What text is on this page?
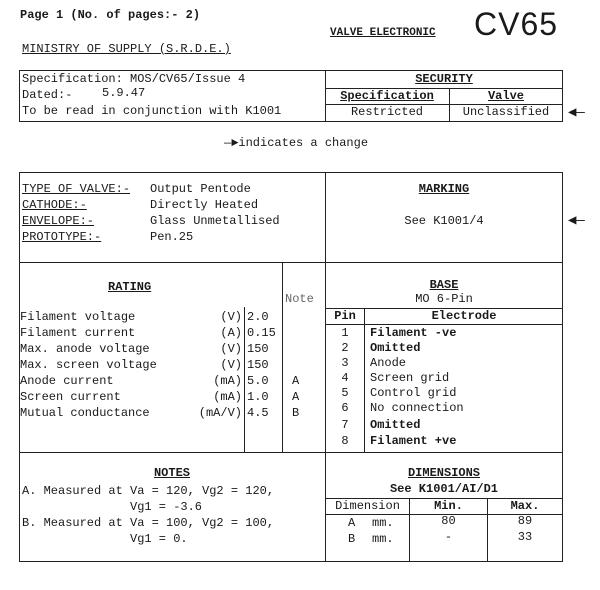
Page 1 (No. of pages:- 2)
MINISTRY OF SUPPLY (S.R.D.E.)
VALVE ELECTRONIC CV65
Specification: MOS/CV65/Issue 4
Dated:- 5.9.47
To be read in conjunction with K1001
SECURITY
Specification	Valve
Restricted	Unclassified	◀—
—►indicates a change
TYPE OF VALVE:- Output Pentode
CATHODE:-	Directly Heated
ENVELOPE:-	Glass Unmetallised
PROTOTYPE:-	Pen.25
MARKING
See K1001/4	◀—
RATING
Note
Filament voltage	(V) 2.0
Filament current	(A) 0.15
Max. anode voltage	(V) 150
Max. screen voltage	(V) 150
Anode current	(mA) 5.0 A
Screen current	(mA) 1.0 A
Mutual conductance	(mA/V) 4.5 B
BASE
MO 6-Pin
Pin	Electrode
1	Filament -ve
2	Omitted
3	Anode
4	Screen grid
5	Control grid
6	No connection
7	Omitted
8	Filament +ve
NOTES
A. Measured at Va = 120, Vg2 = 120,
Vg1 = -3.6
B. Measured at Va = 100, Vg2 = 100,
Vg1 = 0.
DIMENSIONS
See K1001/AI/D1
Dimension	Min.	Max.
A mm.	80	89
B mm.	-	33
